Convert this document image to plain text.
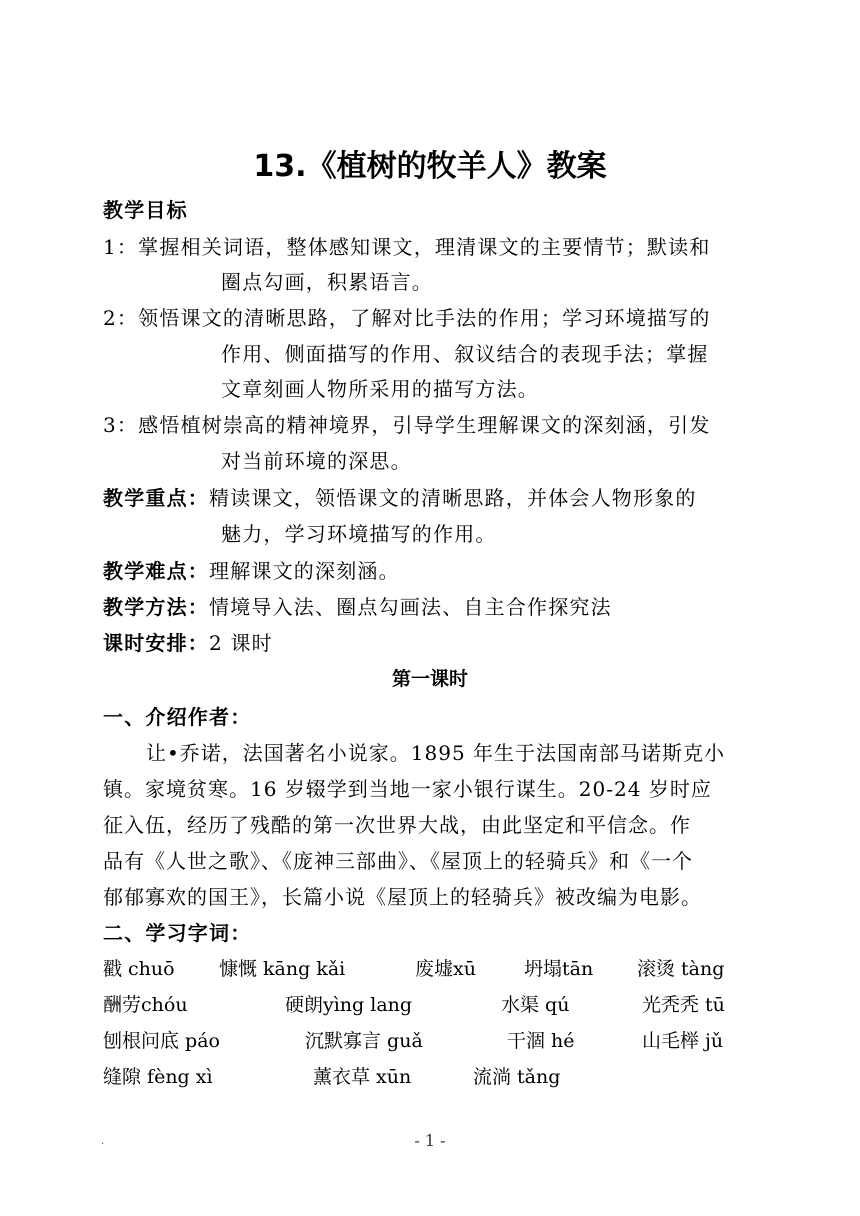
13.《植树的牧羊人》教案
教学目标
1：掌握相关词语，整体感知课文，理清课文的主要情节；默读和
圈点勾画，积累语言。
2：领悟课文的清晰思路，了解对比手法的作用；学习环境描写的
作用、侧面描写的作用、叙议结合的表现手法；掌握
文章刻画人物所采用的描写方法。
3：感悟植树崇高的精神境界，引导学生理解课文的深刻涵，引发
对当前环境的深思。
教学重点：精读课文，领悟课文的清晰思路，并体会人物形象的
魅力，学习环境描写的作用。
教学难点：理解课文的深刻涵。
教学方法：情境导入法、圈点勾画法、自主合作探究法
课时安排：2 课时
第一课时
一、介绍作者：
让•乔诺，法国著名小说家。1895 年生于法国南部马诺斯克小
镇。家境贫寒。16 岁辍学到当地一家小银行谋生。20-24 岁时应
征入伍，经历了残酷的第一次世界大战，由此坚定和平信念。作
品有《人世之歌》、《庞神三部曲》、《屋顶上的轻骑兵》和《一个
郁郁寡欢的国王》，长篇小说《屋顶上的轻骑兵》被改编为电影。
二、学习字词：
戳 chuō 慷慨 kāng kǎi	废墟xū	坍塌tān 滚烫 tàng
酬劳chóu	硬朗yìng lang	水渠 qú	光秃秃 tū
刨根问底 páo	沉默寡言 guǎ	干涸 hé	山毛榉 jǔ
缝隙 fèng xì	薰衣草 xūn	流淌 tǎng
.	- 1 -
